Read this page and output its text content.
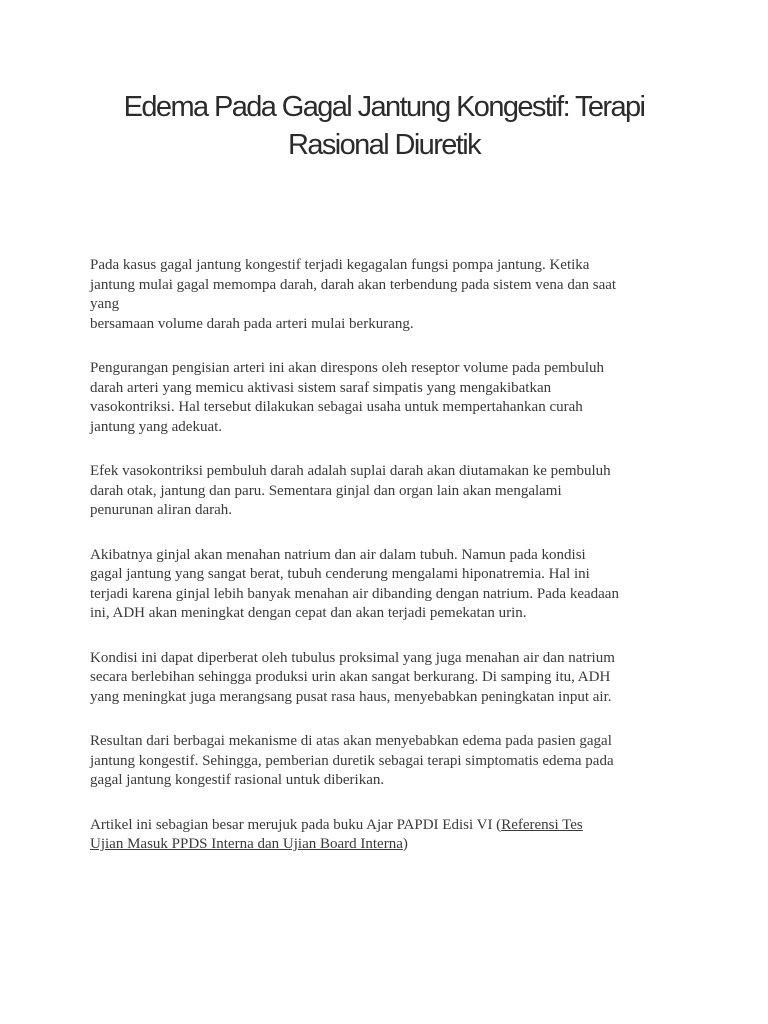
Edema Pada Gagal Jantung Kongestif: Terapi
Rasional Diuretik

Pada kasus gagal jantung kongestif terjadi kegagalan fungsi pompa jantung. Ketika
jantung mulai gagal memompa darah, darah akan terbendung pada sistem vena dan saat
yang
bersamaan volume darah pada arteri mulai berkurang.

Pengurangan pengisian arteri ini akan direspons oleh reseptor volume pada pembuluh
darah arteri yang memicu aktivasi sistem saraf simpatis yang mengakibatkan
vasokontriksi. Hal tersebut dilakukan sebagai usaha untuk mempertahankan curah
jantung yang adekuat.

Efek vasokontriksi pembuluh darah adalah suplai darah akan diutamakan ke pembuluh
darah otak, jantung dan paru. Sementara ginjal dan organ lain akan mengalami
penurunan aliran darah.

Akibatnya ginjal akan menahan natrium dan air dalam tubuh. Namun pada kondisi
gagal jantung yang sangat berat, tubuh cenderung mengalami hiponatremia. Hal ini
terjadi karena ginjal lebih banyak menahan air dibanding dengan natrium. Pada keadaan
ini, ADH akan meningkat dengan cepat dan akan terjadi pemekatan urin.

Kondisi ini dapat diperberat oleh tubulus proksimal yang juga menahan air dan natrium
secara berlebihan sehingga produksi urin akan sangat berkurang. Di samping itu, ADH
yang meningkat juga merangsang pusat rasa haus, menyebabkan peningkatan input air.

Resultan dari berbagai mekanisme di atas akan menyebabkan edema pada pasien gagal
jantung kongestif. Sehingga, pemberian duretik sebagai terapi simptomatis edema pada
gagal jantung kongestif rasional untuk diberikan.

Artikel ini sebagian besar merujuk pada buku Ajar PAPDI Edisi VI (Referensi Tes
Ujian Masuk PPDS Interna dan Ujian Board Interna)
